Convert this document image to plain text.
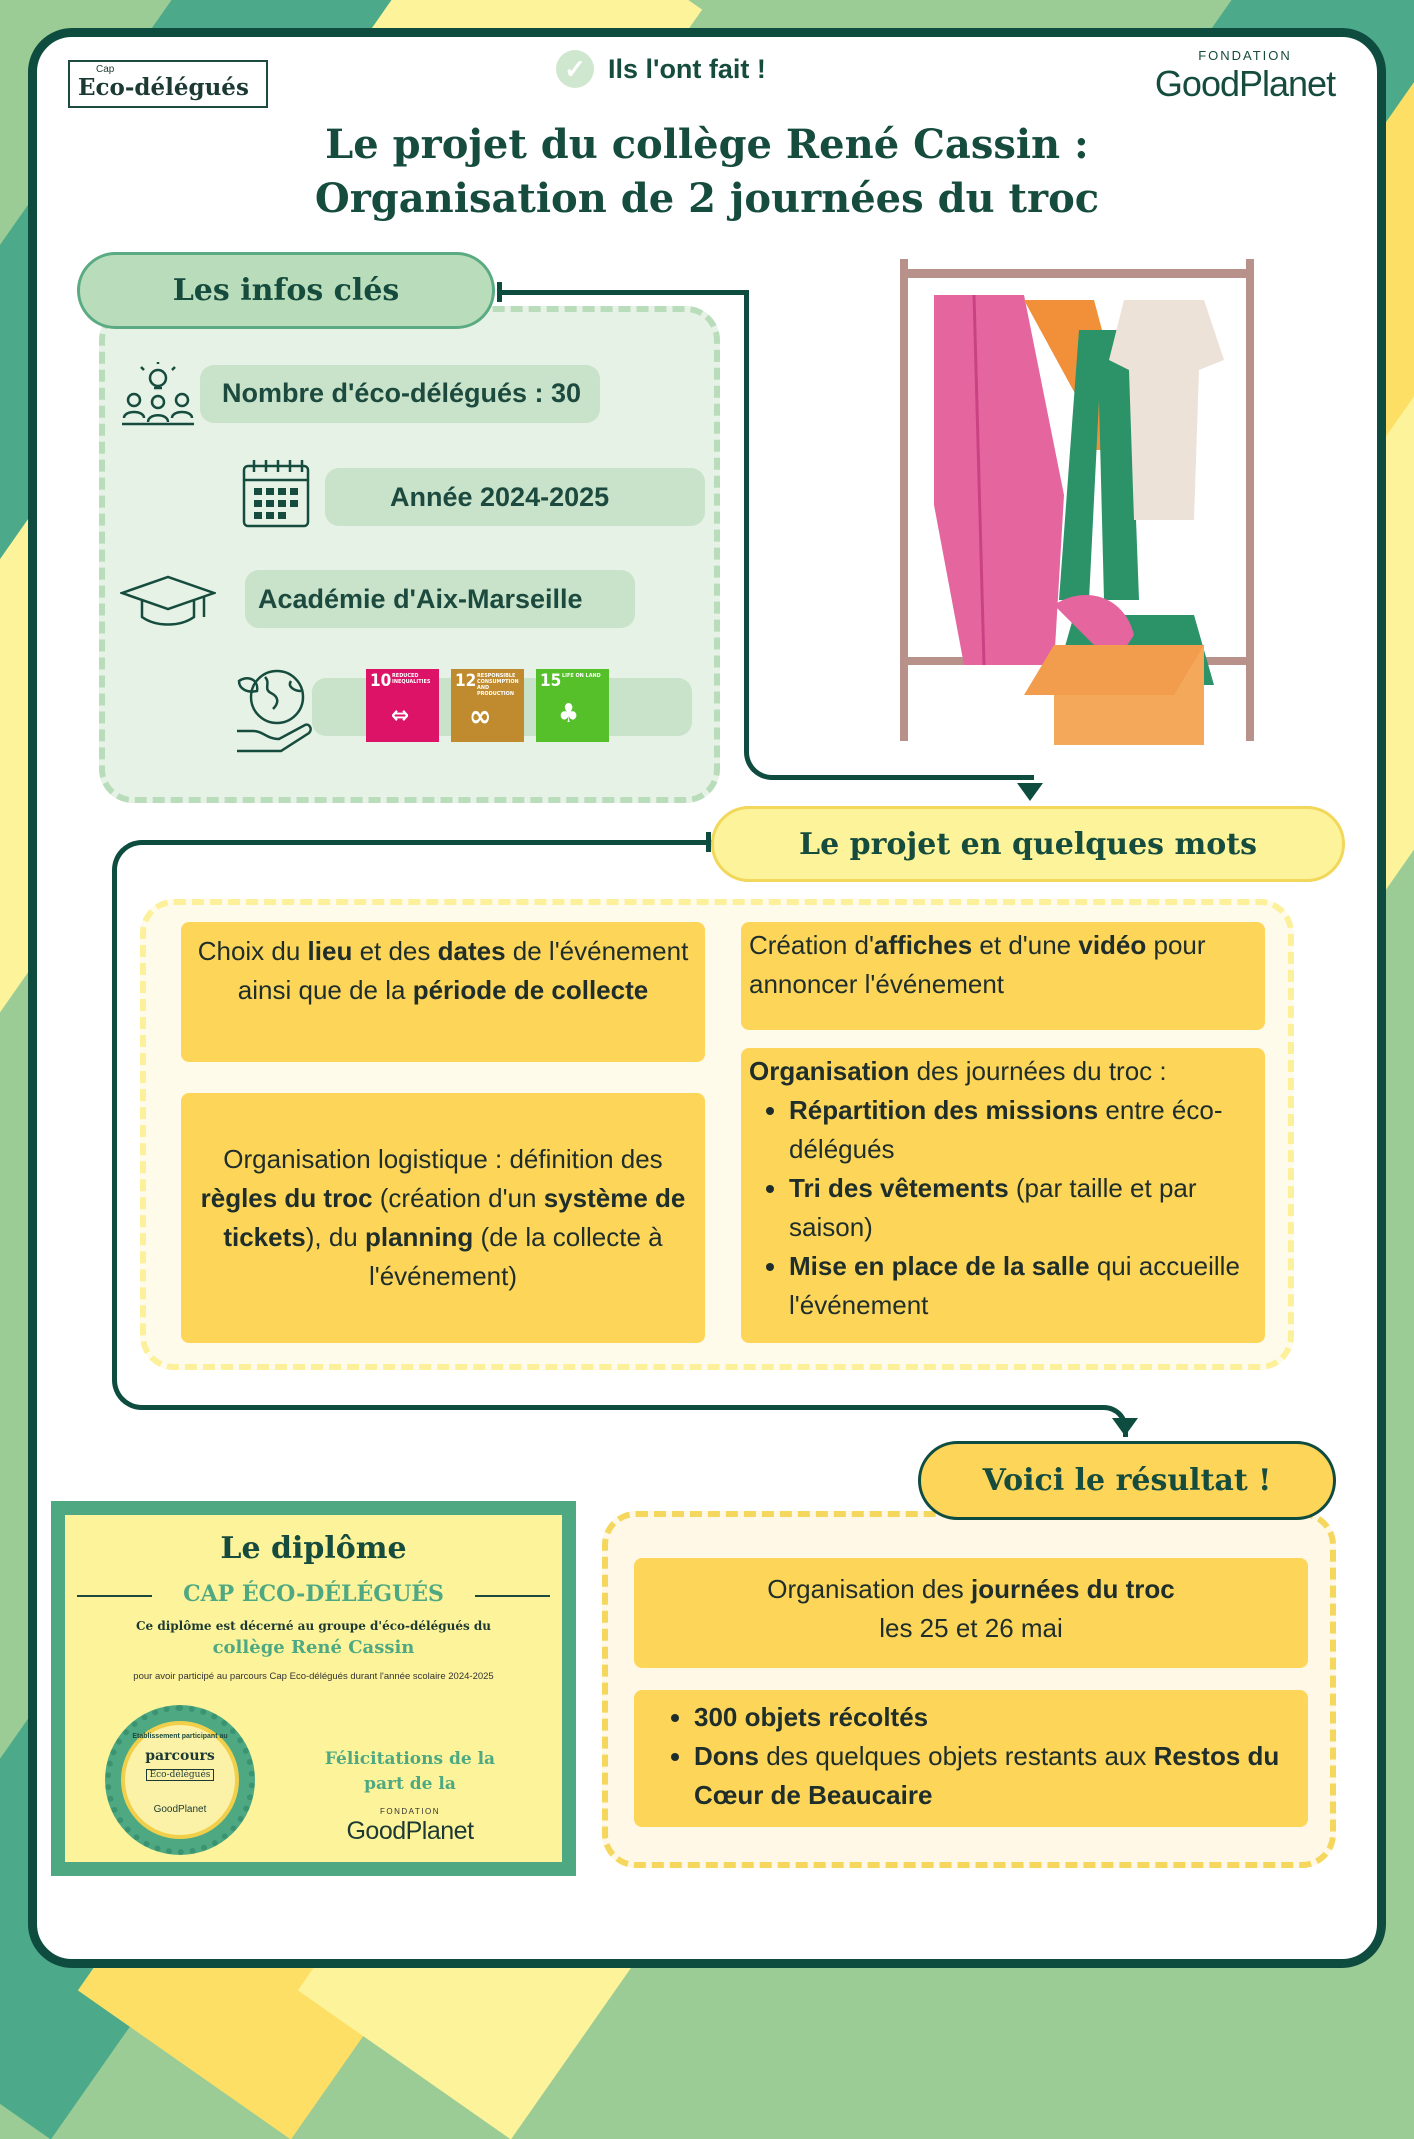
Cap
Eco-délégués
✓ Ils l'ont fait !	FONDATION
GoodPlanet
Le projet du collège René Cassin :
Organisation de 2 journées du troc
Les infos clés
Nombre d'éco-délégués : 30
Année 2024-2025
Académie d'Aix-Marseille
10 REDUCED INEQUALITIES
⇔
12 RESPONSIBLE CONSUMPTION AND PRODUCTION
∞
15 LIFE ON LAND
♣
Le projet en quelques mots
Choix du lieu et des dates de l'événement ainsi que de la période de collecte
Organisation logistique : définition des règles du troc (création d'un système de tickets), du planning (de la collecte à l'événement)
Création d'affiches et d'une vidéo pour annoncer l'événement
Organisation des journées du troc :
• Répartition des missions entre éco-délégués
• Tri des vêtements (par taille et par saison)
• Mise en place de la salle qui accueille l'événement
Voici le résultat !
Organisation des journées du troc
les 25 et 26 mai
• 300 objets récoltés
• Dons des quelques objets restants aux Restos du Cœur de Beaucaire
Le diplôme
CAP ÉCO-DÉLÉGUÉS
Ce diplôme est décerné au groupe d'éco-délégués du
collège René Cassin
pour avoir participé au parcours Cap Eco-délégués durant l'année scolaire 2024-2025
Etablissement participant au
parcours
Eco-délégués
GoodPlanet
Félicitations de la part de la
FONDATION
GoodPlanet
